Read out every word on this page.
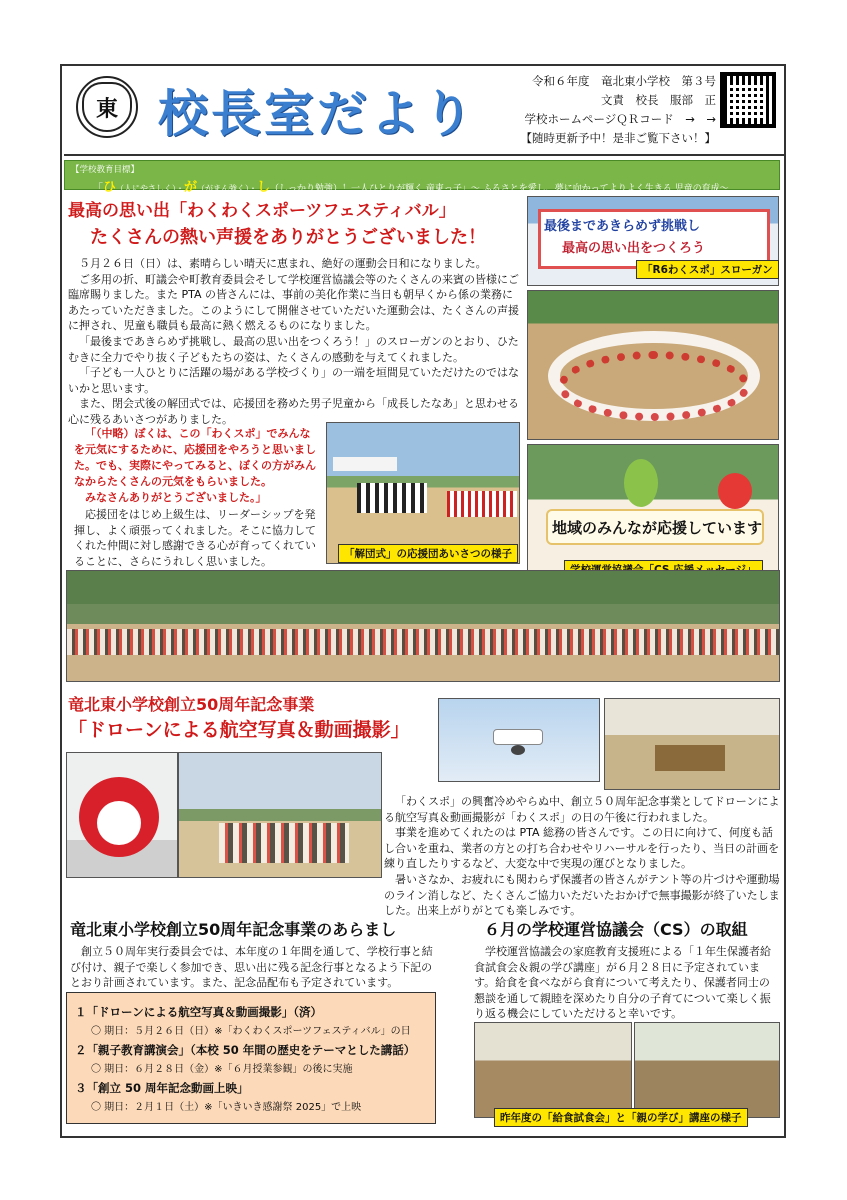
東 校長室だより
令和６年度　竜北東小学校　第３号
文責　校長　服部　正
学校ホームページＱＲコード　→　→
【随時更新予中！是非ご覧下さい！】
【学校教育目標】
「ひ（人にやさしく）・が（がまん強く）・し（しっかり勉強）！一人ひとりが輝く 竜東っ子」～ ふるさとを愛し、夢に向かってよりよく生きる 児童の育成～
最高の思い出「わくわくスポーツフェスティバル」
たくさんの熱い声援をありがとうございました！

５月２６日（日）は、素晴らしい晴天に恵まれ、絶好の運動会日和になりました。

ご多用の折、町議会や町教育委員会そして学校運営協議会等のたくさんの来賓の皆様にご臨席賜りました。また PTA の皆さんには、事前の美化作業に当日も朝早くから係の業務にあたっていただきました。このようにして開催させていただいた運動会は、たくさんの声援に押され、児童も職員も最高に熱く燃えるものになりました。

「最後まであきらめず挑戦し、最高の思い出をつくろう！」のスローガンのとおり、ひたむきに全力でやり抜く子どもたちの姿は、たくさんの感動を与えてくれました。

「子ども一人ひとりに活躍の場がある学校づくり」の一端を垣間見ていただけたのではないかと思います。

また、閉会式後の解団式では、応援団を務めた男子児童から「成長したなあ」と思わせる心に残るあいさつがありました。

「（中略）ぼくは、この「わくスポ」でみんなを元気にするために、応援団をやろうと思いました。でも、実際にやってみると、ぼくの方がみんなからたくさんの元気をもらいました。
みなさんありがとうございました。」

応援団をはじめ上級生は、リーダーシップを発揮し、よく頑張ってくれました。そこに協力してくれた仲間に対し感謝できる心が育ってくれていることに、さらにうれしく思いました。

最後まであきらめず挑戦し
最高の思い出をつくろう
「R6わくスポ」スローガン
地域のみんなが応援しています
「解団式」の応援団あいさつの様子
竜北東小学校創立50周年記念事業
「ドローンによる航空写真＆動画撮影」

「わくスポ」の興奮冷めやらぬ中、創立５０周年記念事業としてドローンによる航空写真＆動画撮影が「わくスポ」の日の午後に行われました。

事業を進めてくれたのは PTA 総務の皆さんです。この日に向けて、何度も話し合いを重ね、業者の方との打ち合わせやリハーサルを行ったり、当日の計画を練り直したりするなど、大変な中で実現の運びとなりました。

暑いさなか、お疲れにも関わらず保護者の皆さんがテント等の片づけや運動場のライン消しなど、たくさんご協力いただいたおかげで無事撮影が終了いたしました。出来上がりがとても楽しみです。

竜北東小学校創立50周年記念事業のあらまし

創立５０周年実行委員会では、本年度の１年間を通して、学校行事と結び付け、親子で楽しく参加でき、思い出に残る記念行事となるよう下記のとおり計画されています。また、記念品配布も予定されています。

１「ドローンによる航空写真＆動画撮影」（済）
〇 期日：５月２６日（日）※「わくわくスポーツフェスティバル」の日
２「親子教育講演会」（本校 50 年間の歴史をテーマとした講話）
〇 期日：６月２８日（金）※「６月授業参観」の後に実施
３「創立 50 周年記念動画上映」
〇 期日：２月１日（土）※「いきいき感謝祭 2025」で上映
６月の学校運営協議会（CS）の取組

学校運営協議会の家庭教育支援班による「１年生保護者給食試食会＆親の学び講座」が６月２８日に予定されています。給食を食べながら食育について考えたり、保護者同士の懇談を通して親睦を深めたり自分の子育てについて楽しく振り返る機会にしていただけると幸いです。

昨年度の「給食試食会」と「親の学び」講座の様子
